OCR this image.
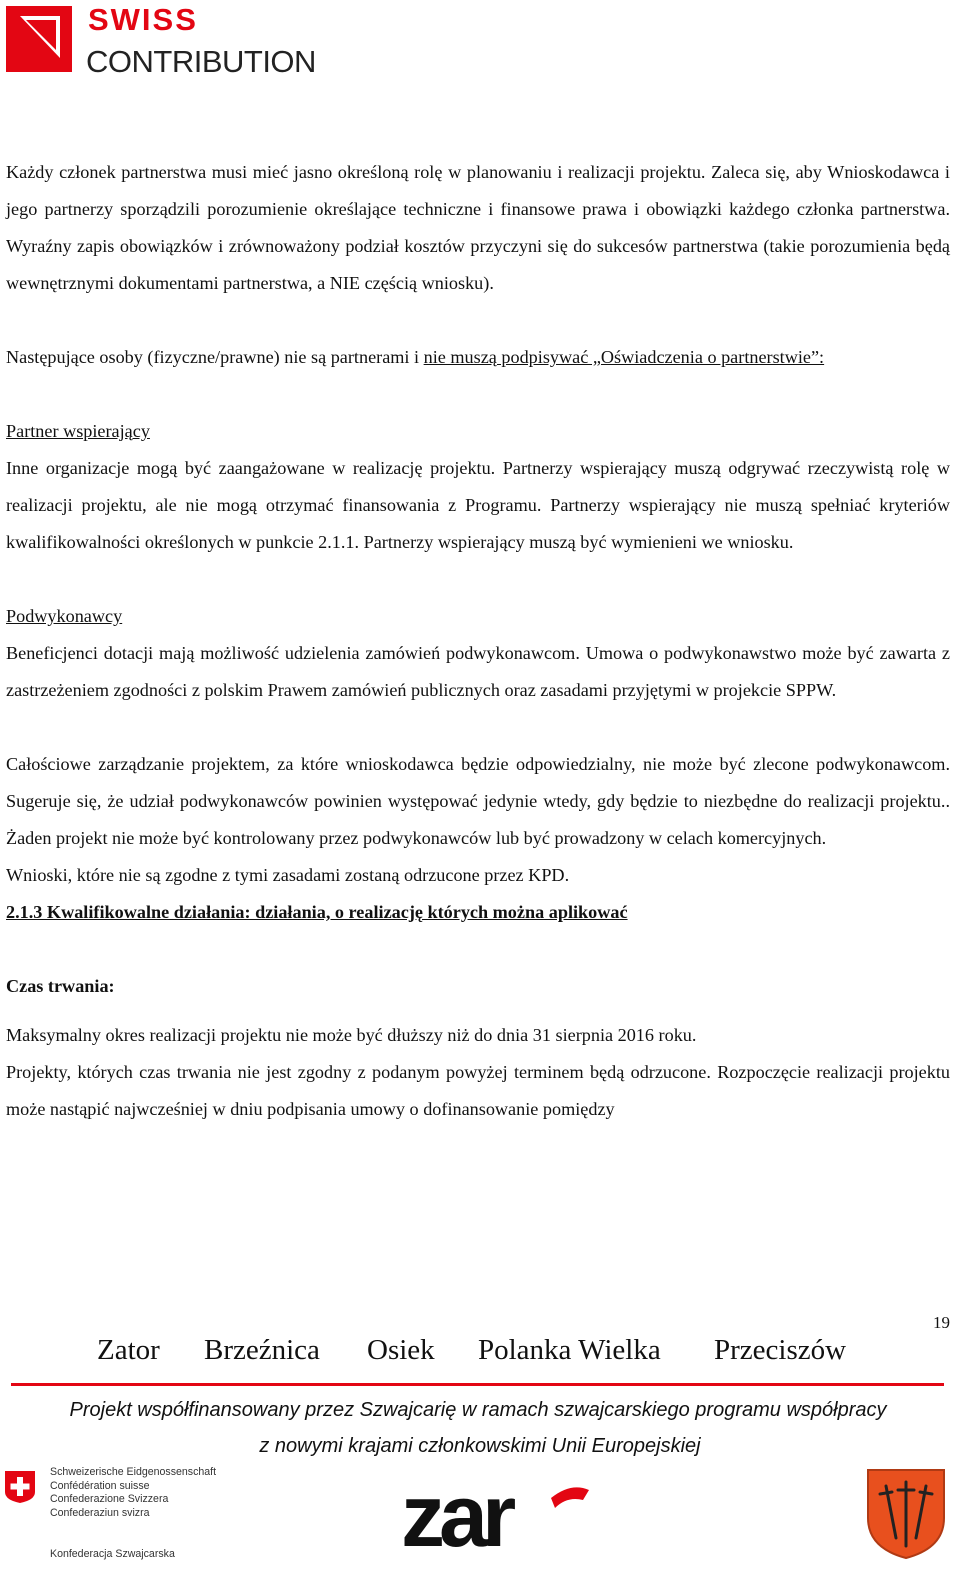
SWISS
CONTRIBUTION

Każdy członek partnerstwa musi mieć jasno określoną rolę w planowaniu i realizacji projektu. Zaleca się, aby Wnioskodawca i jego partnerzy sporządzili porozumienie określające techniczne i finansowe prawa i obowiązki każdego członka partnerstwa. Wyraźny zapis obowiązków i zrównoważony podział kosztów przyczyni się do sukcesów partnerstwa (takie porozumienia będą wewnętrznymi dokumentami partnerstwa, a NIE częścią wniosku).

Następujące osoby (fizyczne/prawne) nie są partnerami i nie muszą podpisywać „Oświadczenia o partnerstwie”:

Partner wspierający

Inne organizacje mogą być zaangażowane w realizację projektu. Partnerzy wspierający muszą odgrywać rzeczywistą rolę w realizacji projektu, ale nie mogą otrzymać finansowania z Programu. Partnerzy wspierający nie muszą spełniać kryteriów kwalifikowalności określonych w punkcie 2.1.1. Partnerzy wspierający muszą być wymienieni we wniosku.

Podwykonawcy

Beneficjenci dotacji mają możliwość udzielenia zamówień podwykonawcom. Umowa o podwykonawstwo może być zawarta z zastrzeżeniem zgodności z polskim Prawem zamówień publicznych oraz zasadami przyjętymi w projekcie SPPW.

Całościowe zarządzanie projektem, za które wnioskodawca będzie odpowiedzialny, nie może być zlecone podwykonawcom. Sugeruje się, że udział podwykonawców powinien występować jedynie wtedy, gdy będzie to niezbędne do realizacji projektu.. Żaden projekt nie może być kontrolowany przez podwykonawców lub być prowadzony w celach komercyjnych.

Wnioski, które nie są zgodne z tymi zasadami zostaną odrzucone przez KPD.

2.1.3 Kwalifikowalne działania: działania, o realizację których można aplikować

Czas trwania:

Maksymalny okres realizacji projektu nie może być dłuższy niż do dnia 31 sierpnia 2016 roku.

Projekty, których czas trwania nie jest zgodny z podanym powyżej terminem będą odrzucone. Rozpoczęcie realizacji projektu może nastąpić najwcześniej w dniu podpisania umowy o dofinansowanie pomiędzy

19
Zator Brzeźnica Osiek Polanka Wielka Przeciszów
Projekt współfinansowany przez Szwajcarię w ramach szwajcarskiego programu współpracy
z nowymi krajami członkowskimi Unii Europejskiej
Schweizerische Eidgenossenschaft
Confédération suisse
Confederazione Svizzera
Confederaziun svizra
Konfederacja Szwajcarska	zar
